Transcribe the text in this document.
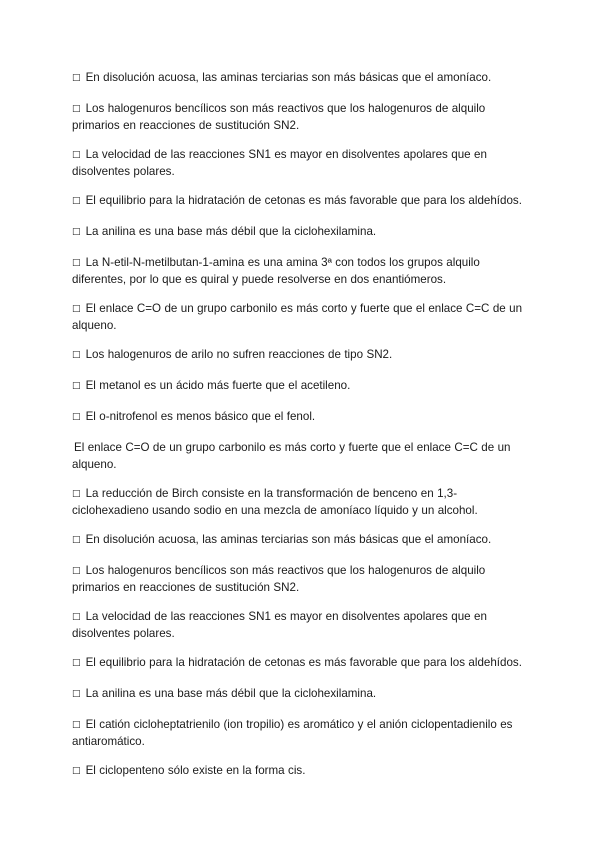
□ En disolución acuosa, las aminas terciarias son más básicas que el amoníaco.
□ Los halogenuros bencílicos son más reactivos que los halogenuros de alquilo primarios en reacciones de sustitución SN2.
□ La velocidad de las reacciones SN1 es mayor en disolventes apolares que en disolventes polares.
□ El equilibrio para la hidratación de cetonas es más favorable que para los aldehídos.
□ La anilina es una base más débil que la ciclohexilamina.
□ La N-etil-N-metilbutan-1-amina es una amina 3ª con todos los grupos alquilo diferentes, por lo que es quiral y puede resolverse en dos enantiómeros.
□ El enlace C=O de un grupo carbonilo es más corto y fuerte que el enlace C=C de un alqueno.
□ Los halogenuros de arilo no sufren reacciones de tipo SN2.
□ El metanol es un ácido más fuerte que el acetileno.
□ El o-nitrofenol es menos básico que el fenol.
El enlace C=O de un grupo carbonilo es más corto y fuerte que el enlace C=C de un alqueno.
□ La reducción de Birch consiste en la transformación de benceno en 1,3-ciclohexadieno usando sodio en una mezcla de amoníaco líquido y un alcohol.
□ En disolución acuosa, las aminas terciarias son más básicas que el amoníaco.
□ Los halogenuros bencílicos son más reactivos que los halogenuros de alquilo primarios en reacciones de sustitución SN2.
□ La velocidad de las reacciones SN1 es mayor en disolventes apolares que en disolventes polares.
□ El equilibrio para la hidratación de cetonas es más favorable que para los aldehídos.
□ La anilina es una base más débil que la ciclohexilamina.
□ El catión cicloheptatrienilo (ion tropilio) es aromático y el anión ciclopentadienilo es antiaromático.
□ El ciclopenteno sólo existe en la forma cis.
